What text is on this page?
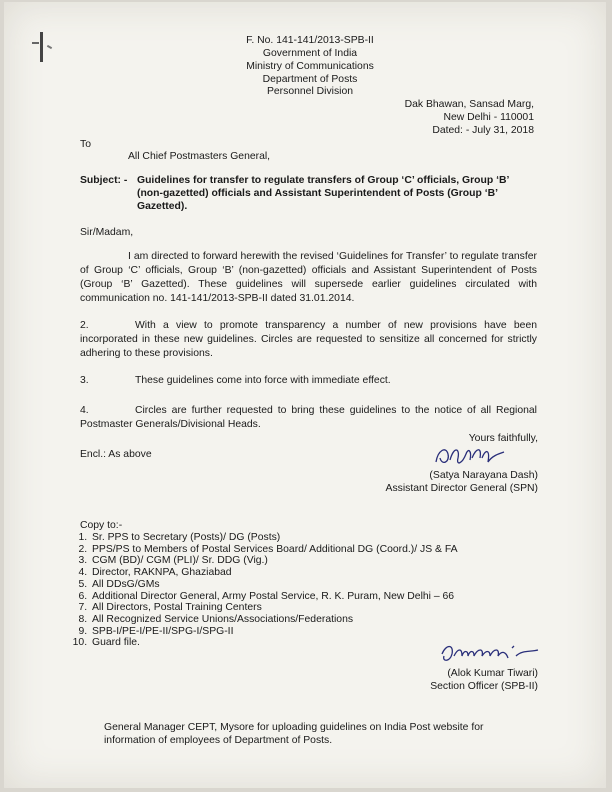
F. No. 141-141/2013-SPB-II
Government of India
Ministry of Communications
Department of Posts
Personnel Division
Dak Bhawan, Sansad Marg,
New Delhi - 110001
Dated: - July 31, 2018
To
All Chief Postmasters General,
Subject: - Guidelines for transfer to regulate transfers of Group ‘C’ officials, Group ‘B’
(non-gazetted) officials and Assistant Superintendent of Posts (Group ‘B’
Gazetted).
Sir/Madam,
I am directed to forward herewith the revised ‘Guidelines for Transfer’ to regulate transfer of Group ‘C’ officials, Group ‘B’ (non-gazetted) officials and Assistant Superintendent of Posts (Group ‘B’ Gazetted). These guidelines will supersede earlier guidelines circulated with communication no. 141-141/2013-SPB-II dated 31.01.2014.
2.	With a view to promote transparency a number of new provisions have been incorporated in these new guidelines. Circles are requested to sensitize all concerned for strictly adhering to these provisions.
3.	These guidelines come into force with immediate effect.
4.	Circles are further requested to bring these guidelines to the notice of all Regional Postmaster Generals/Divisional Heads.
Yours faithfully,
Encl.: As above
(Satya Narayana Dash)
Assistant Director General (SPN)
Copy to:-
1. Sr. PPS to Secretary (Posts)/ DG (Posts)
2. PPS/PS to Members of Postal Services Board/ Additional DG (Coord.)/ JS & FA
3. CGM (BD)/ CGM (PLI)/ Sr. DDG (Vig.)
4. Director, RAKNPA, Ghaziabad
5. All DDsG/GMs
6. Additional Director General, Army Postal Service, R. K. Puram, New Delhi – 66
7. All Directors, Postal Training Centers
8. All Recognized Service Unions/Associations/Federations
9. SPB-I/PE-I/PE-II/SPG-I/SPG-II
10. Guard file.
(Alok Kumar Tiwari)
Section Officer (SPB-II)
General Manager CEPT, Mysore for uploading guidelines on India Post website for
information of employees of Department of Posts.
